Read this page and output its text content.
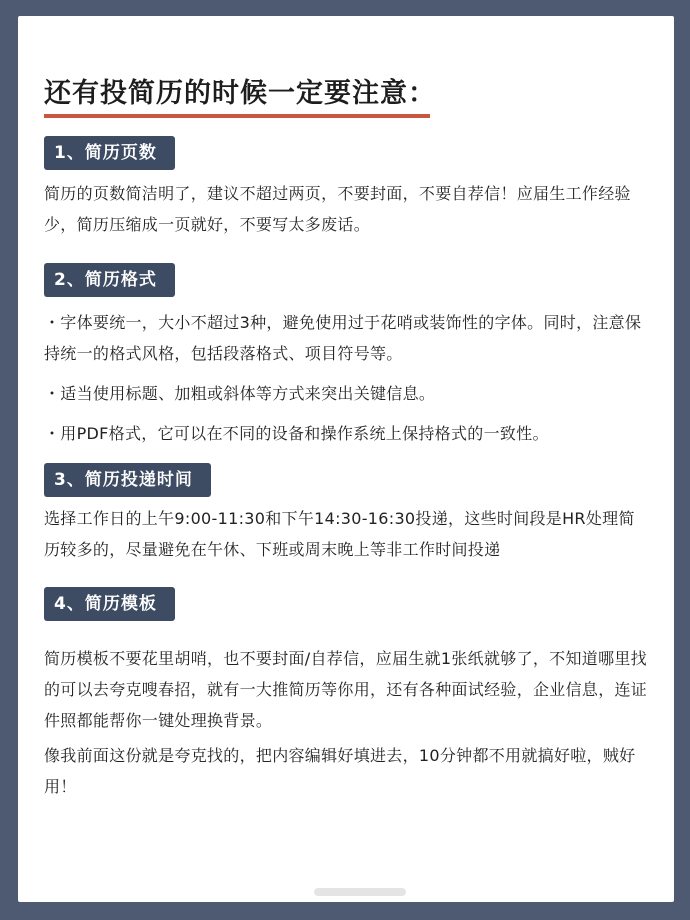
还有投简历的时候一定要注意：
1、简历页数

简历的页数简洁明了，建议不超过两页，不要封面，不要自荐信！应届生工作经验少，简历压缩成一页就好，不要写太多废话。

2、简历格式

・字体要统一，大小不超过3种，避免使用过于花哨或装饰性的字体。同时，注意保持统一的格式风格，包括段落格式、项目符号等。

・适当使用标题、加粗或斜体等方式来突出关键信息。

・用PDF格式，它可以在不同的设备和操作系统上保持格式的一致性。

3、简历投递时间

选择工作日的上午9:00-11:30和下午14:30-16:30投递，这些时间段是HR处理简历较多的，尽量避免在午休、下班或周末晚上等非工作时间投递

4、简历模板

简历模板不要花里胡哨，也不要封面/自荐信，应届生就1张纸就够了，不知道哪里找的可以去夸克嗖春招，就有一大推简历等你用，还有各种面试经验，企业信息，连证件照都能帮你一键处理换背景。

像我前面这份就是夸克找的，把内容编辑好填进去，10分钟都不用就搞好啦，贼好用！
